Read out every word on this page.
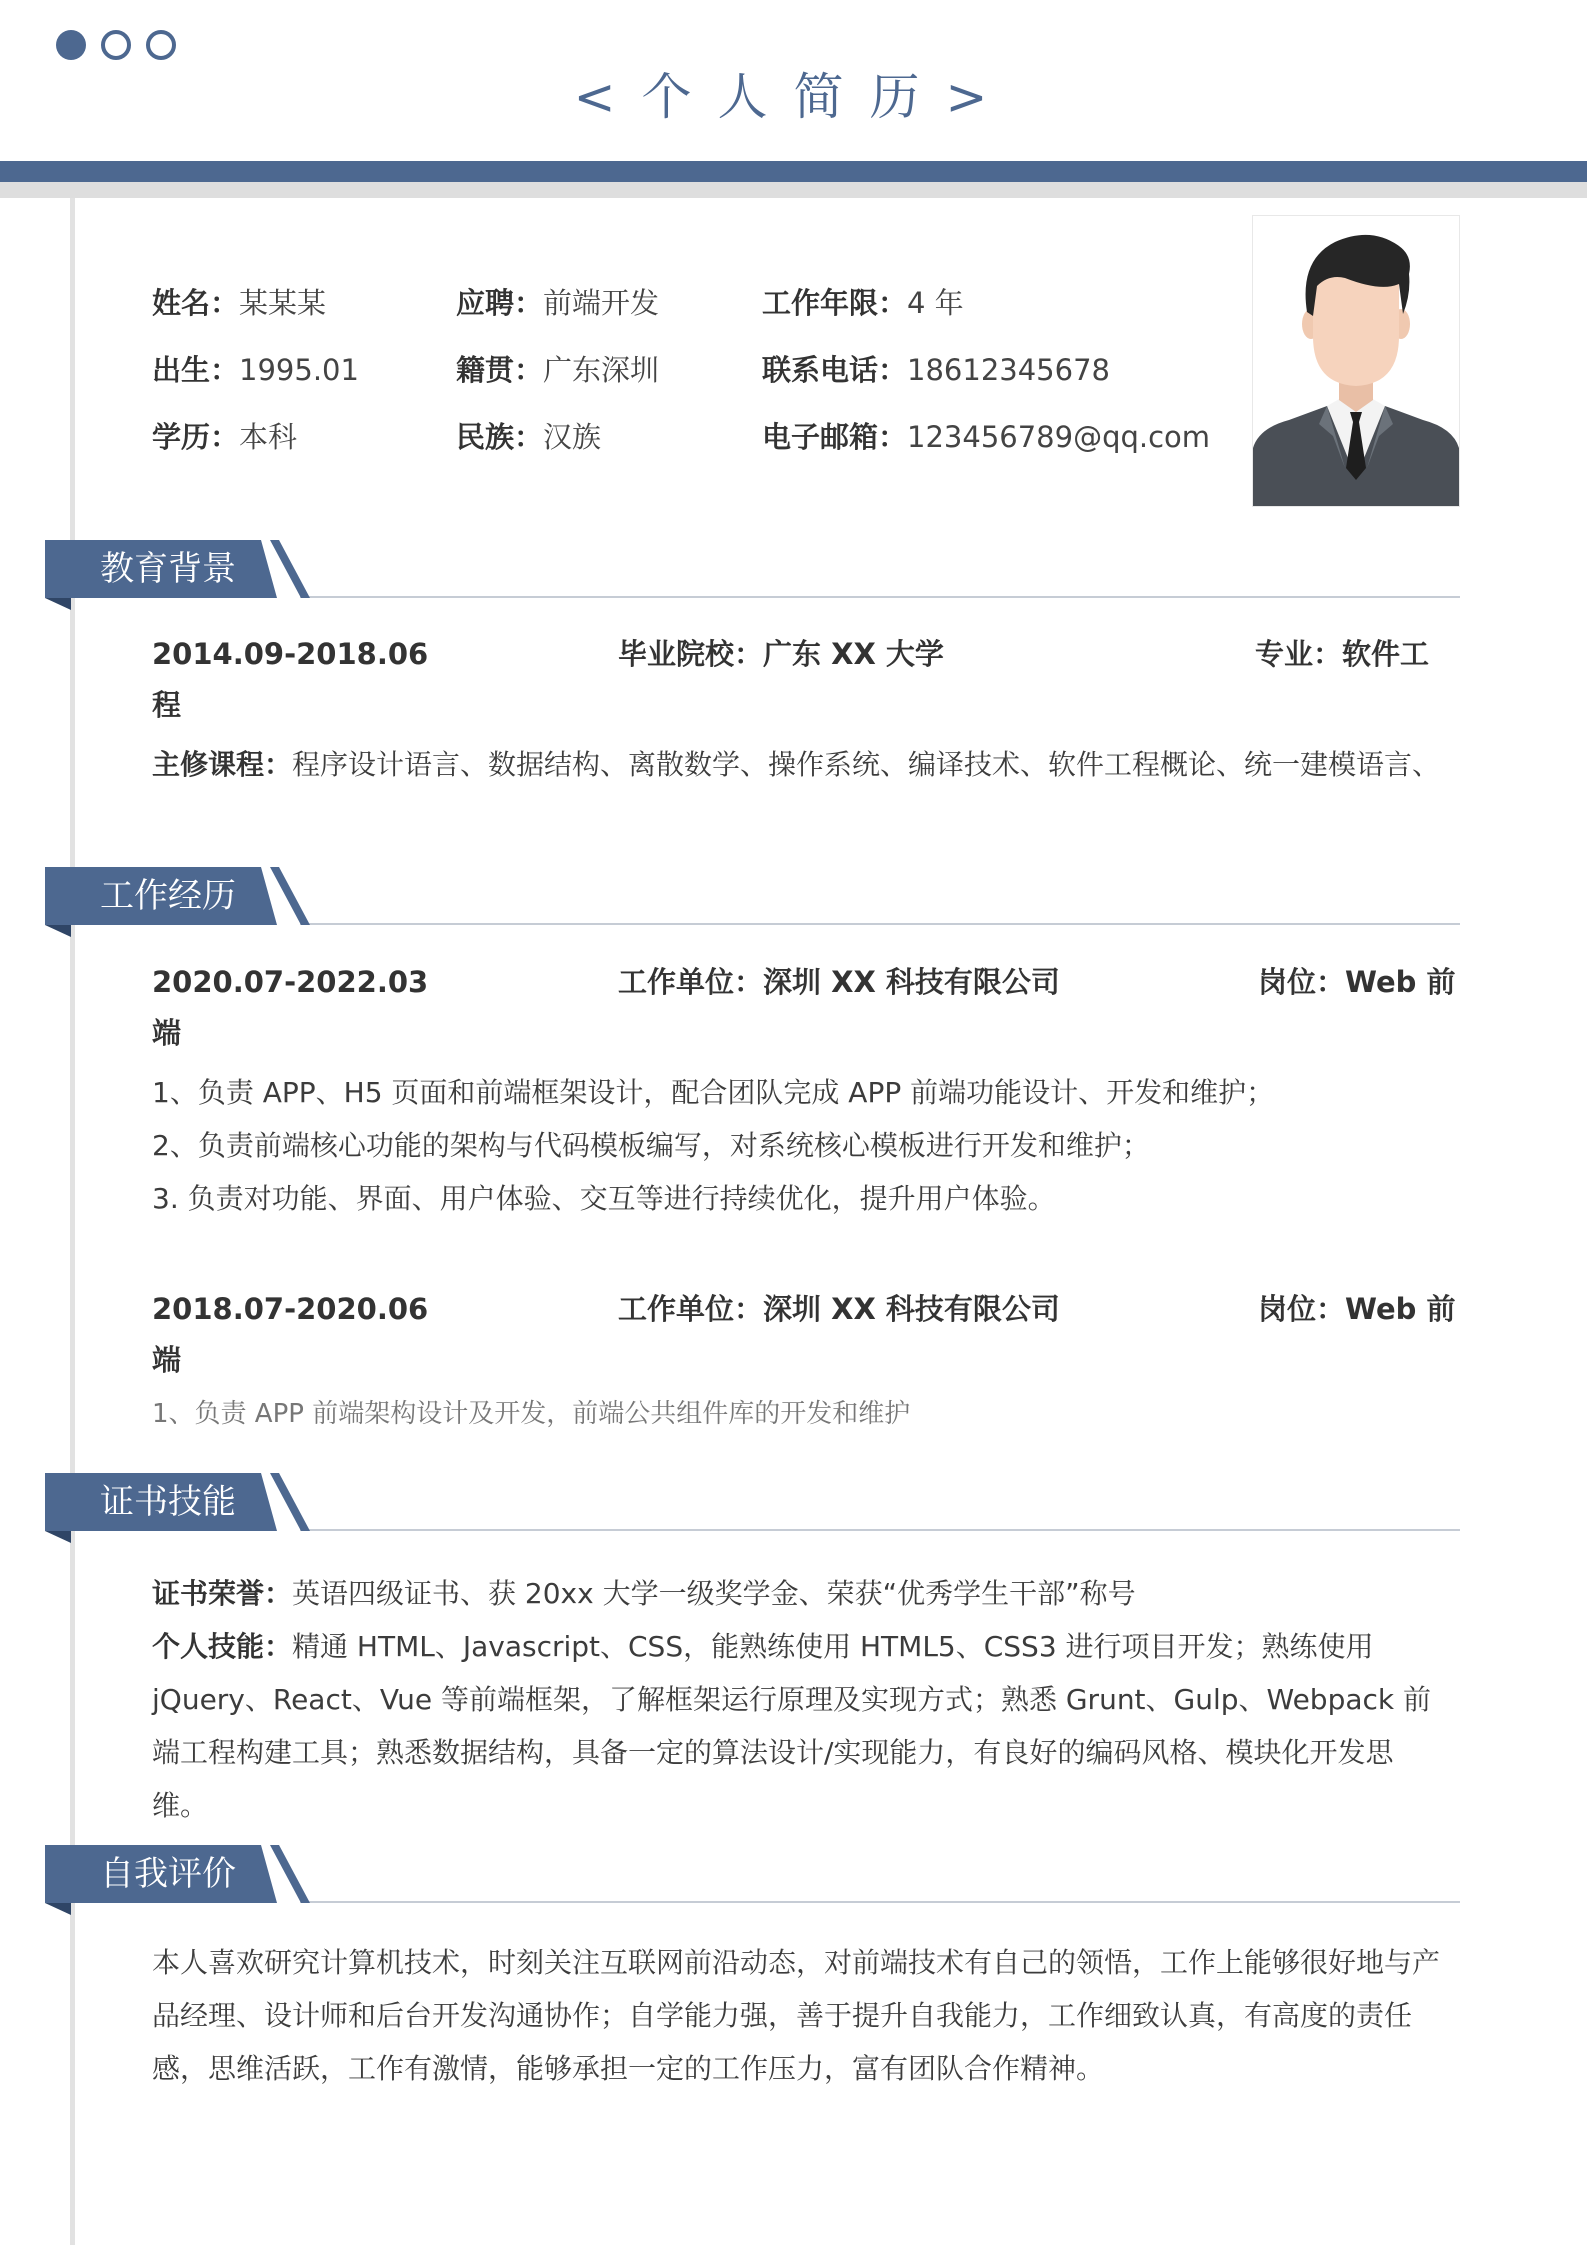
<个人简历>
姓名：某某某	应聘：前端开发	工作年限：4 年
出生：1995.01	籍贯：广东深圳	联系电话：18612345678
学历：本科	民族：汉族	电子邮箱：123456789@qq.com
教育背景
2014.09-2018.06	毕业院校：广东 XX 大学	专业：软件工
程
主修课程：程序设计语言、数据结构、离散数学、操作系统、编译技术、软件工程概论、统一建模语言、
工作经历
2020.07-2022.03	工作单位：深圳 XX 科技有限公司	岗位：Web 前
端
1、负责 APP、H5 页面和前端框架设计，配合团队完成 APP 前端功能设计、开发和维护；
2、负责前端核心功能的架构与代码模板编写，对系统核心模板进行开发和维护；
3. 负责对功能、界面、用户体验、交互等进行持续优化，提升用户体验。
2018.07-2020.06	工作单位：深圳 XX 科技有限公司	岗位：Web 前
端
1、负责 APP 前端架构设计及开发，前端公共组件库的开发和维护
证书技能
证书荣誉：英语四级证书、获 20xx 大学一级奖学金、荣获“优秀学生干部”称号
个人技能：精通 HTML、Javascript、CSS，能熟练使用 HTML5、CSS3 进行项目开发；熟练使用 jQuery、React、Vue 等前端框架，了解框架运行原理及实现方式；熟悉 Grunt、Gulp、Webpack 前端工程构建工具；熟悉数据结构，具备一定的算法设计/实现能力，有良好的编码风格、模块化开发思维。
自我评价
本人喜欢研究计算机技术，时刻关注互联网前沿动态，对前端技术有自己的领悟，工作上能够很好地与产品经理、设计师和后台开发沟通协作；自学能力强，善于提升自我能力，工作细致认真，有高度的责任感，思维活跃，工作有激情，能够承担一定的工作压力，富有团队合作精神。
